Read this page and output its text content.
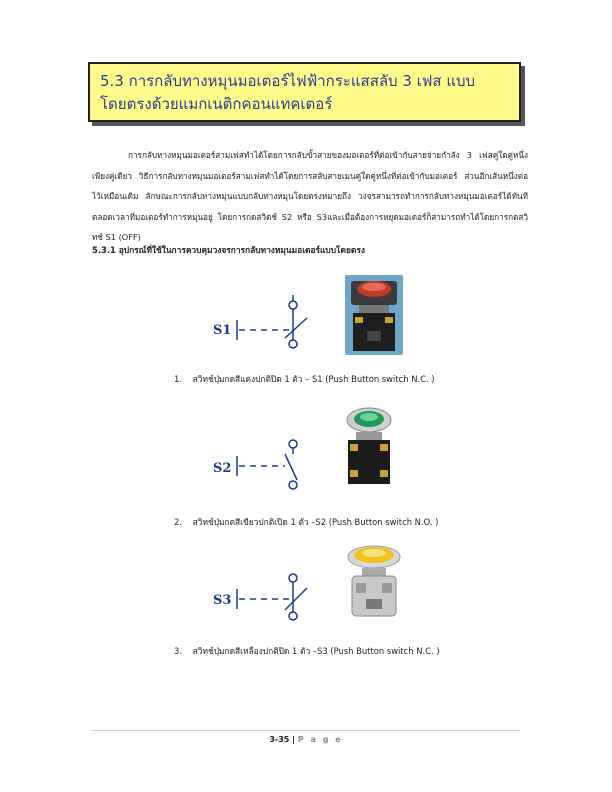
5.3 การกลับทางหมุนมอเตอร์ไฟฟ้ากระแสสลับ 3 เฟส แบบโดยตรงด้วยแมกเนติกคอนแทคเตอร์
การกลับทางหมุนมอเตอร์สามเฟสทำได้โดยการกลับขั้วสายของมอเตอร์ที่ต่อเข้ากับสายจ่ายกำลัง 3 เฟสคู่ใดคู่หนึ่งเพียงคู่เดียว วิธีการกลับทางหมุนมอเตอร์สามเฟสทำได้โดยการสลับสายเมนคู่ใดคู่หนึ่งที่ต่อเข้ากับมอเตอร์ ส่วนอีกเส้นหนึ่งต่อไว้เหมือนเดิม ลักษณะการกลับทางหมุนแบบกลับทางหมุนโดยตรงหมายถึง วงจรสามารถทำการกลับทางหมุนมอเตอร์ได้ทันทีตลอดเวลาที่มอเตอร์ทำการหมุนอยู่ โดยการกดสวิตช์ S2 หรือ S3และเมื่อต้องการหยุดมอเตอร์ก็สามารถทำได้โดยการกดสวิทช์ S1 (OFF)
5.3.1 อุปกรณ์ที่ใช้ในการควบคุมวงจรการกลับทางหมุนมอเตอร์แบบโดยตรง
S1
1. สวิทช์ปุ่มกดสีแดงปกติปิด 1 ตัว – S1 (Push Button switch N.C. )
S2
2. สวิทช์ปุ่มกดสีเขียวปกติเปิด 1 ตัว –S2 (Push Button switch N.O. )
S3
3. สวิทช์ปุ่มกดสีเหลืองปกติปิด 1 ตัว –S3 (Push Button switch N.C. )
3-35 | P a g e
